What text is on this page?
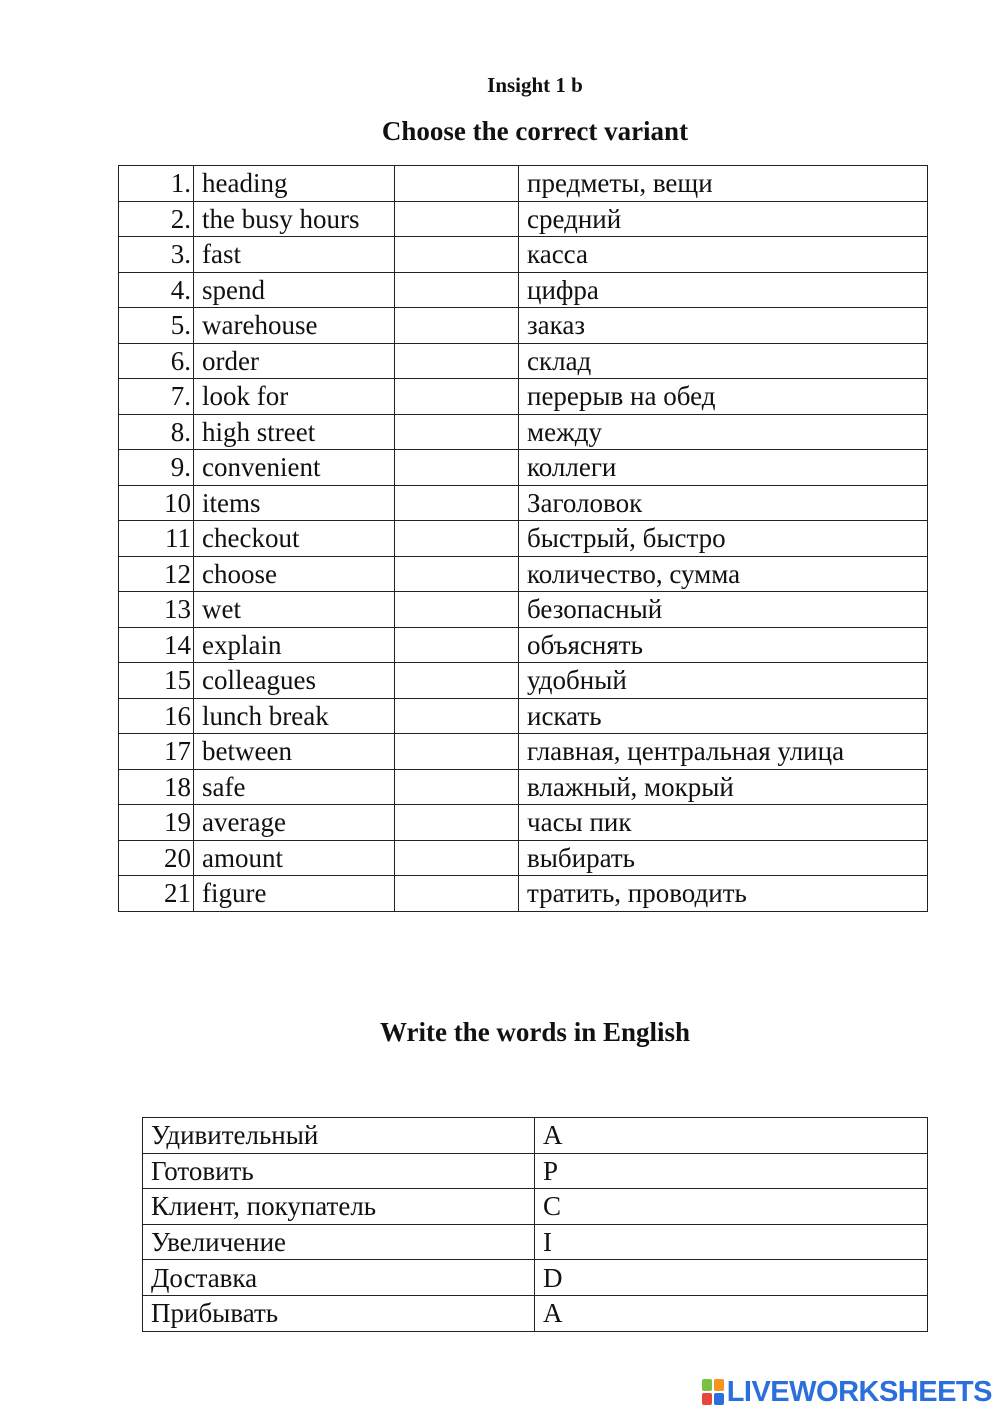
Insight 1 b
Choose the correct variant
1.	heading		предметы, вещи
2.	the busy hours		средний
3.	fast		касса
4.	spend		цифра
5.	warehouse		заказ
6.	order		склад
7.	look for		перерыв на обед
8.	high street		между
9.	convenient		коллеги
10	items		Заголовок
11	checkout		быстрый, быстро
12	choose		количество, сумма
13	wet		безопасный
14	explain		объяснять
15	colleagues		удобный
16	lunch break		искать
17	between		главная, центральная улица
18	safe		влажный, мокрый
19	average		часы пик
20	amount		выбирать
21	figure		тратить, проводить
Write the words in English
Удивительный	A
Готовить	P
Клиент, покупатель	C
Увеличение	I
Доставка	D
Прибывать	A
LIVEWORKSHEETS
